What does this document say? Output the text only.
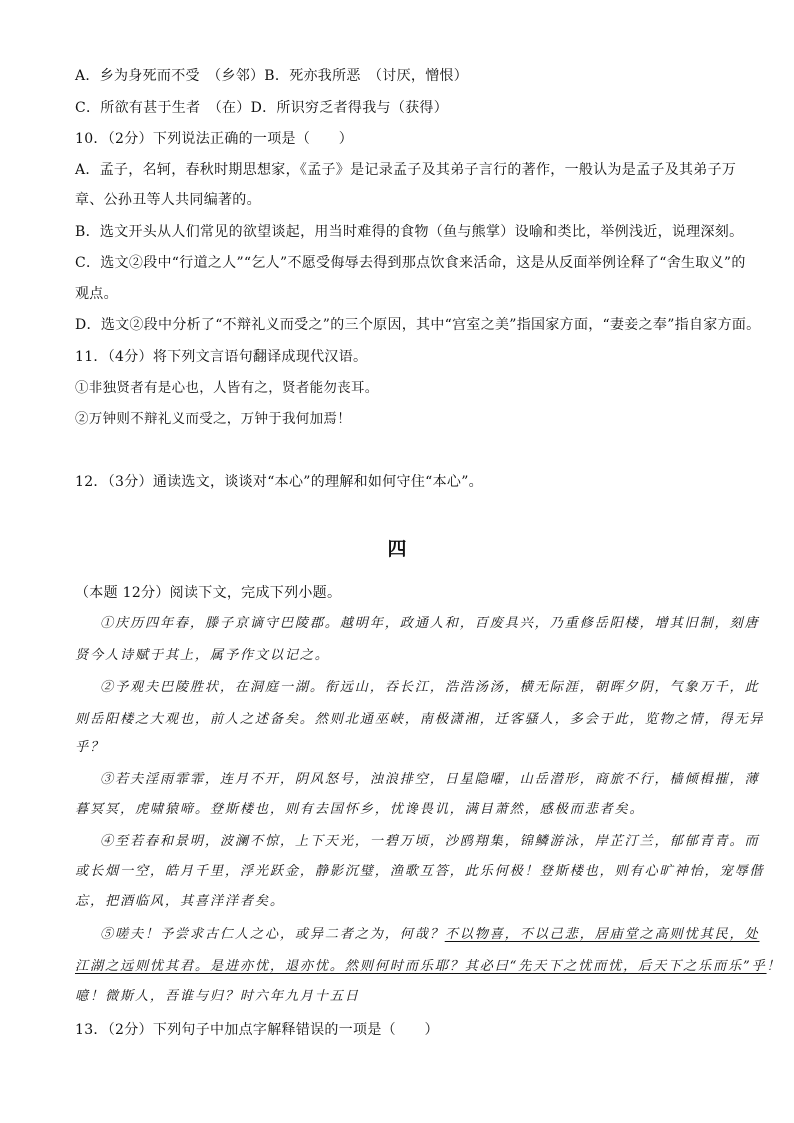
A．乡为身死而不受　（乡邻）B．死亦我所恶　（讨厌，憎恨）
C．所欲有甚于生者　（在）D．所识穷乏者得我与（获得）
10．（2分）下列说法正确的一项是（　　）
A．孟子，名轲，春秋时期思想家，《孟子》是记录孟子及其弟子言行的著作，一般认为是孟子及其弟子万
章、公孙丑等人共同编著的。
B．选文开头从人们常见的欲望谈起，用当时难得的食物（鱼与熊掌）设喻和类比，举例浅近，说理深刻。
C．选文②段中“行道之人”“乞人”不愿受侮辱去得到那点饮食来活命，这是从反面举例诠释了“舍生取义”的
观点。
D．选文②段中分析了“不辩礼义而受之”的三个原因，其中“宫室之美”指国家方面，“妻妾之奉”指自家方面。
11．（4分）将下列文言语句翻译成现代汉语。
①非独贤者有是心也，人皆有之，贤者能勿丧耳。
②万钟则不辩礼义而受之，万钟于我何加焉！
12．（3分）通读选文，谈谈对“本心”的理解和如何守住“本心”。
四
（本题 12分）阅读下文，完成下列小题。
①庆历四年春，滕子京谪守巴陵郡。越明年，政通人和，百废具兴，乃重修岳阳楼，增其旧制，刻唐
贤今人诗赋于其上，属予作文以记之。
②予观夫巴陵胜状，在洞庭一湖。衔远山，吞长江，浩浩汤汤，横无际涯，朝晖夕阴，气象万千，此
则岳阳楼之大观也，前人之述备矣。然则北通巫峡，南极潇湘，迁客骚人，多会于此，览物之情，得无异
乎？
③若夫淫雨霏霏，连月不开，阴风怒号，浊浪排空，日星隐曜，山岳潜形，商旅不行，樯倾楫摧，薄
暮冥冥，虎啸猿啼。登斯楼也，则有去国怀乡，忧谗畏讥，满目萧然，感极而悲者矣。
④至若春和景明，波澜不惊，上下天光，一碧万顷，沙鸥翔集，锦鳞游泳，岸芷汀兰，郁郁青青。而
或长烟一空，皓月千里，浮光跃金，静影沉璧，渔歌互答，此乐何极！登斯楼也，则有心旷神怡，宠辱偕
忘，把酒临风，其喜洋洋者矣。
⑤嗟夫！予尝求古仁人之心，或异二者之为，何哉？不以物喜，不以己悲，居庙堂之高则忧其民，处
江湖之远则忧其君。是进亦忧，退亦忧。然则何时而乐耶？其必曰“先天下之忧而忧，后天下之乐而乐”乎！
噫！微斯人，吾谁与归？时六年九月十五日
13．（2分）下列句子中加点字解释错误的一项是（　　）
